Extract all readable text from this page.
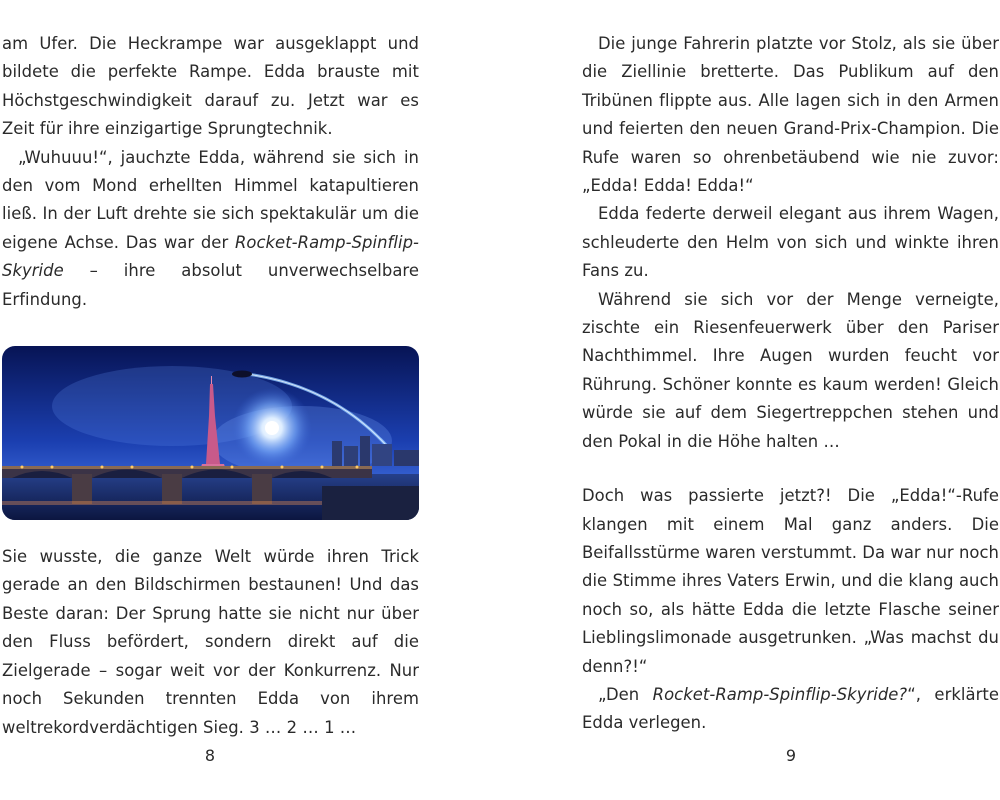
am Ufer. Die Heckrampe war ausgeklappt und bildete die perfekte Rampe. Edda brauste mit Höchstgeschwindigkeit darauf zu. Jetzt war es Zeit für ihre einzigartige Sprungtechnik.

„Wuhuuu!“, jauchzte Edda, während sie sich in den vom Mond erhellten Himmel katapultieren ließ. In der Luft drehte sie sich spektakulär um die eigene Achse. Das war der Rocket-Ramp-Spinflip-Skyride – ihre absolut unverwechselbare Erfindung.

Sie wusste, die ganze Welt würde ihren Trick gerade an den Bildschirmen bestaunen! Und das Beste daran: Der Sprung hatte sie nicht nur über den Fluss befördert, sondern direkt auf die Zielgerade – sogar weit vor der Konkurrenz. Nur noch Sekunden trennten Edda von ihrem weltrekordverdächtigen Sieg. 3 … 2 … 1 …

Die junge Fahrerin platzte vor Stolz, als sie über die Ziellinie bretterte. Das Publikum auf den Tribünen flippte aus. Alle lagen sich in den Armen und feierten den neuen Grand-Prix-Champion. Die Rufe waren so ohrenbetäubend wie nie zuvor: „Edda! Edda! Edda!“

Edda federte derweil elegant aus ihrem Wagen, schleuderte den Helm von sich und winkte ihren Fans zu.

Während sie sich vor der Menge verneigte, zischte ein Riesenfeuerwerk über den Pariser Nachthimmel. Ihre Augen wurden feucht vor Rührung. Schöner konnte es kaum werden! Gleich würde sie auf dem Siegertreppchen stehen und den Pokal in die Höhe halten …

Doch was passierte jetzt?! Die „Edda!“-Rufe klangen mit einem Mal ganz anders. Die Beifallsstürme waren verstummt. Da war nur noch die Stimme ihres Vaters Erwin, und die klang auch noch so, als hätte Edda die letzte Flasche seiner Lieblingslimonade ausgetrunken. „Was machst du denn?!“

„Den Rocket-Ramp-Spinflip-Skyride?“, erklärte Edda verlegen.

8	9
